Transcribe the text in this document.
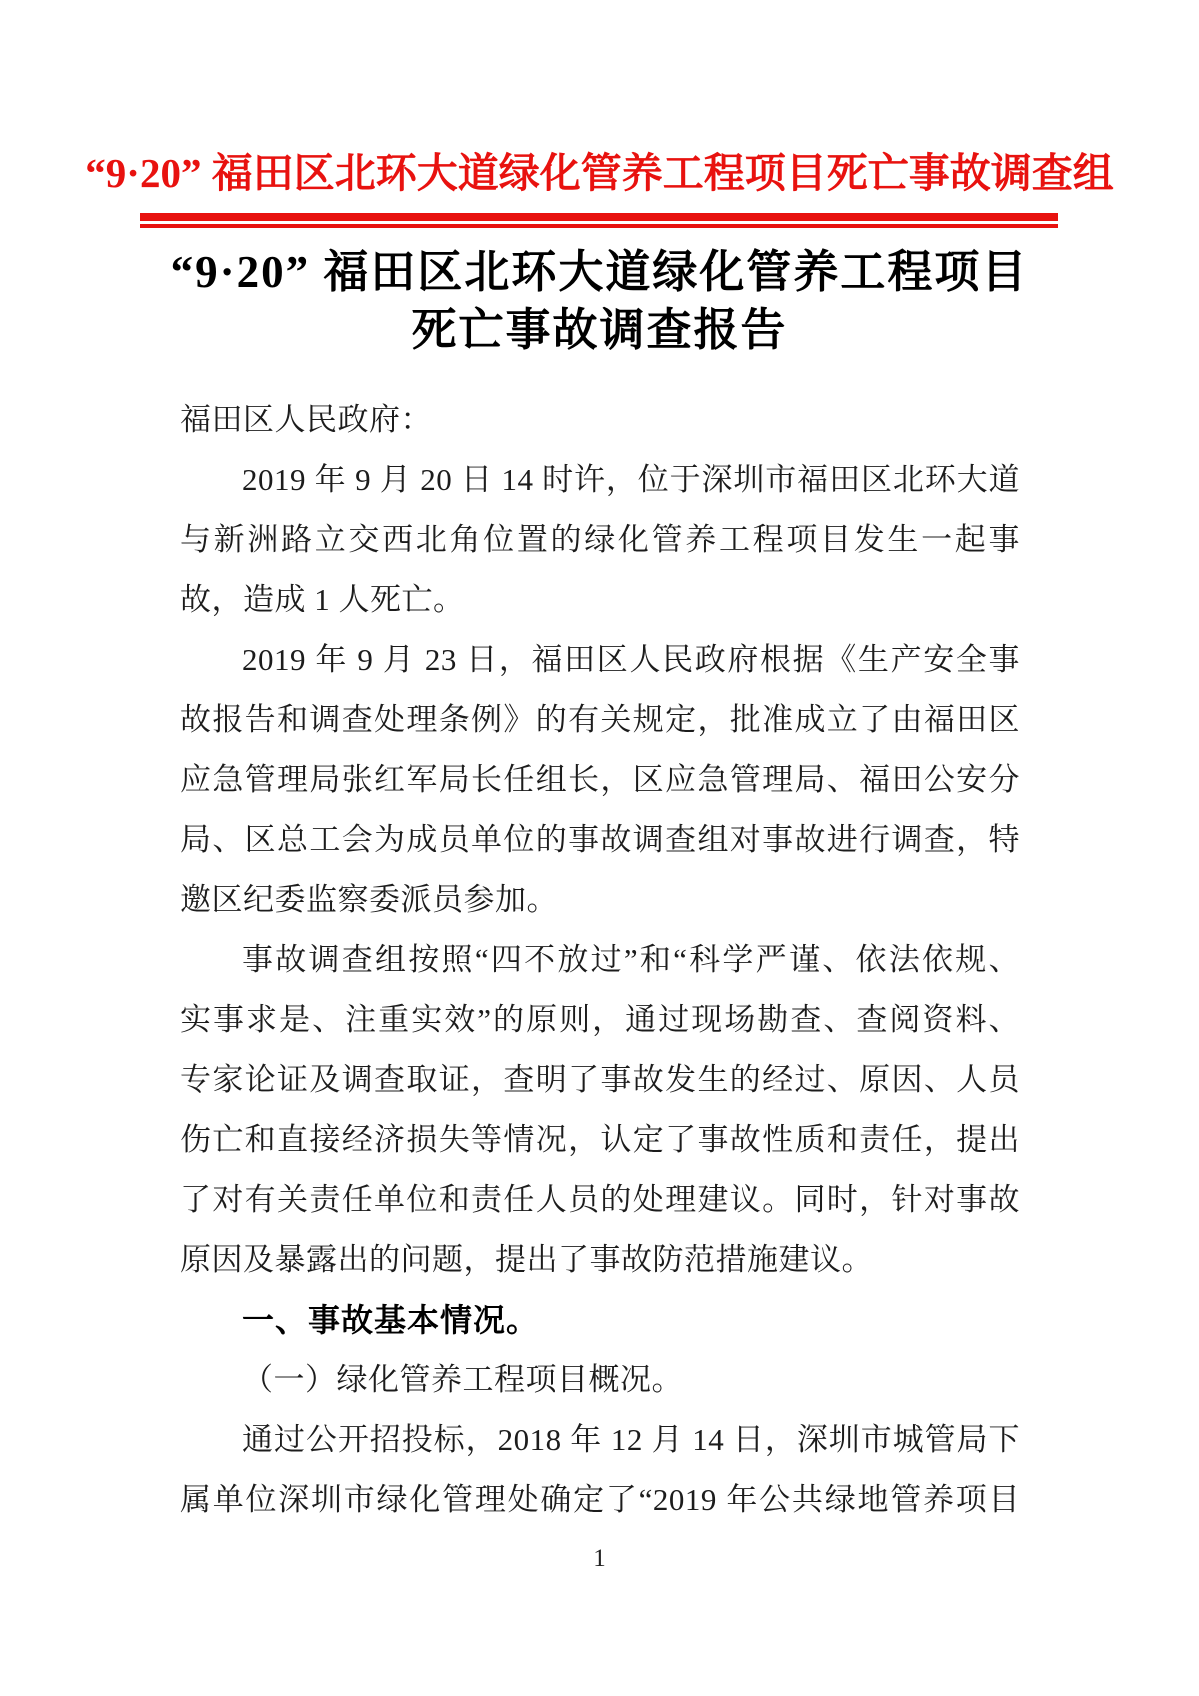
“9·20” 福田区北环大道绿化管养工程项目死亡事故调查组
“9·20” 福田区北环大道绿化管养工程项目
死亡事故调查报告
福田区人民政府：
2019 年 9 月 20 日 14 时许，位于深圳市福田区北环大道
与新洲路立交西北角位置的绿化管养工程项目发生一起事
故，造成 1 人死亡。
2019 年 9 月 23 日，福田区人民政府根据《生产安全事
故报告和调查处理条例》的有关规定，批准成立了由福田区
应急管理局张红军局长任组长，区应急管理局、福田公安分
局、区总工会为成员单位的事故调查组对事故进行调查，特
邀区纪委监察委派员参加。
事故调查组按照“四不放过”和“科学严谨、依法依规、
实事求是、注重实效”的原则，通过现场勘查、查阅资料、
专家论证及调查取证，查明了事故发生的经过、原因、人员
伤亡和直接经济损失等情况，认定了事故性质和责任，提出
了对有关责任单位和责任人员的处理建议。同时，针对事故
原因及暴露出的问题，提出了事故防范措施建议。
一、事故基本情况。
（一）绿化管养工程项目概况。
通过公开招投标，2018 年 12 月 14 日，深圳市城管局下
属单位深圳市绿化管理处确定了“2019 年公共绿地管养项目
1
